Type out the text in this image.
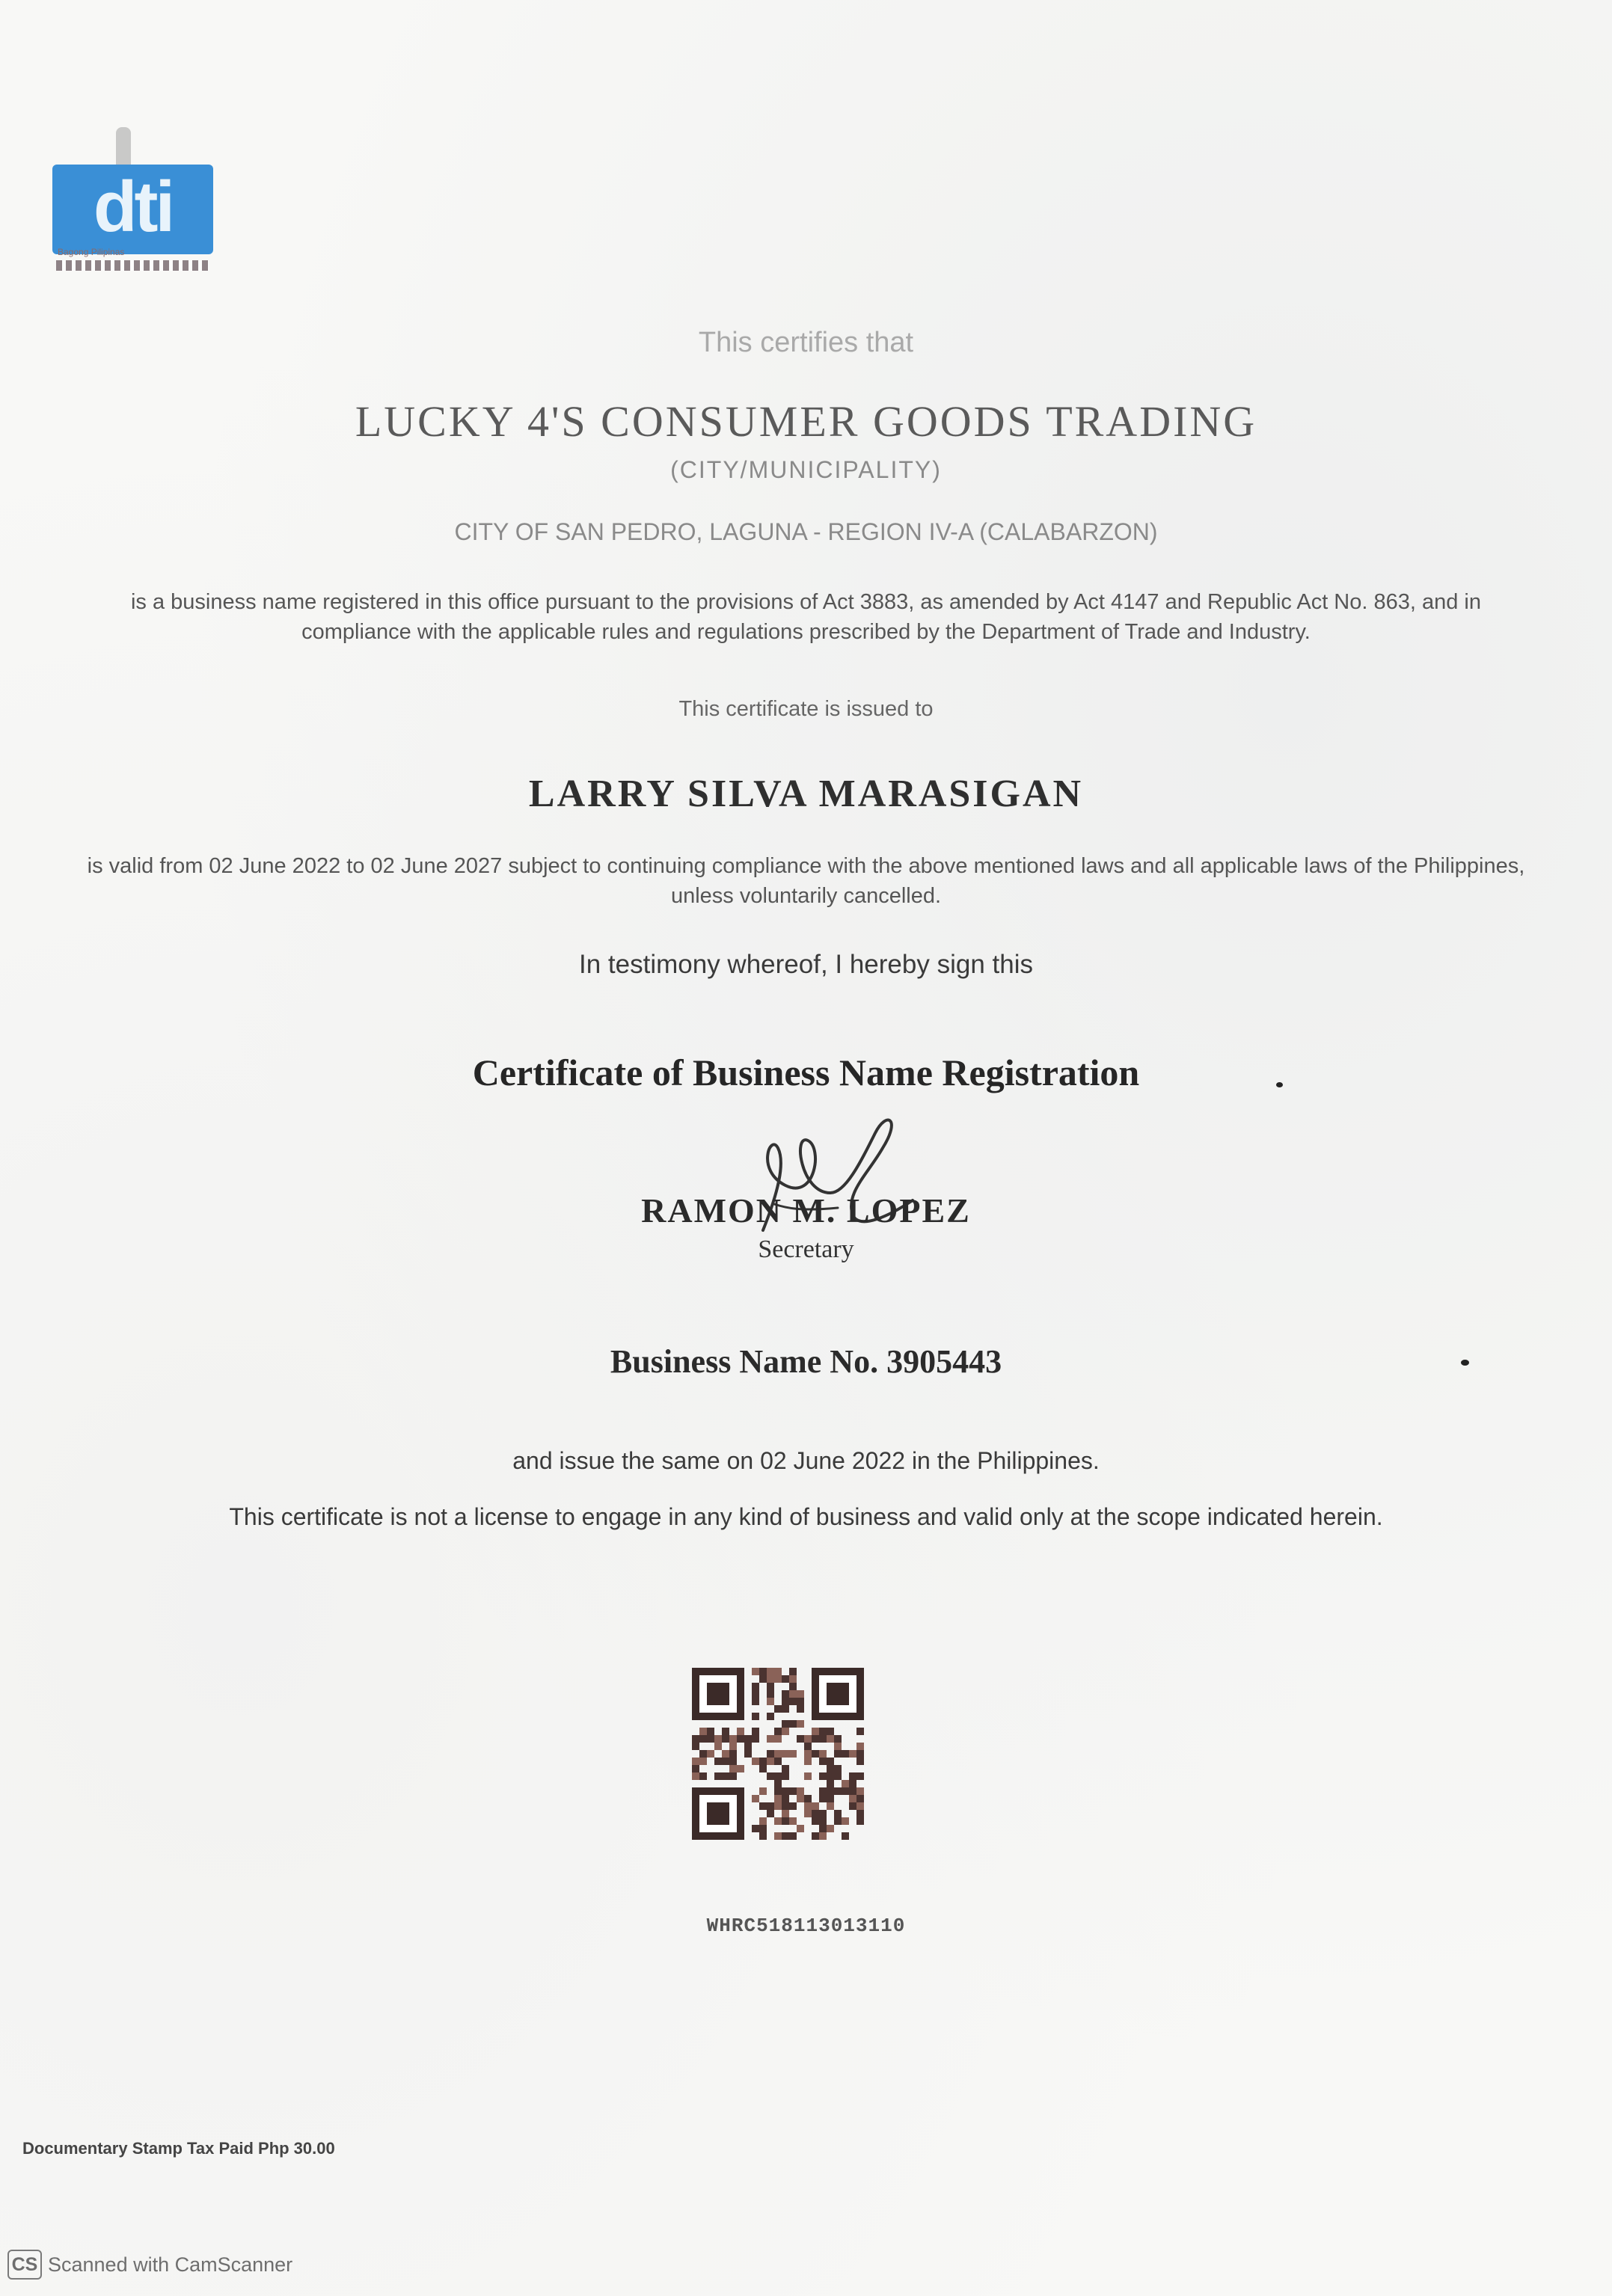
dti
Bagong Pilipinas
This certifies that
LUCKY 4'S CONSUMER GOODS TRADING
(CITY/MUNICIPALITY)
CITY OF SAN PEDRO, LAGUNA - REGION IV-A (CALABARZON)
is a business name registered in this office pursuant to the provisions of Act 3883, as amended by Act 4147 and Republic Act No. 863, and in compliance with the applicable rules and regulations prescribed by the Department of Trade and Industry.
This certificate is issued to
LARRY SILVA MARASIGAN
is valid from 02 June 2022 to 02 June 2027 subject to continuing compliance with the above mentioned laws and all applicable laws of the Philippines, unless voluntarily cancelled.
In testimony whereof, I hereby sign this
Certificate of Business Name Registration
RAMON M. LOPEZ
Secretary
Business Name No. 3905443
and issue the same on 02 June 2022 in the Philippines.
This certificate is not a license to engage in any kind of business and valid only at the scope indicated herein.
WHRC518113013110
Documentary Stamp Tax Paid Php 30.00
CS Scanned with CamScanner
